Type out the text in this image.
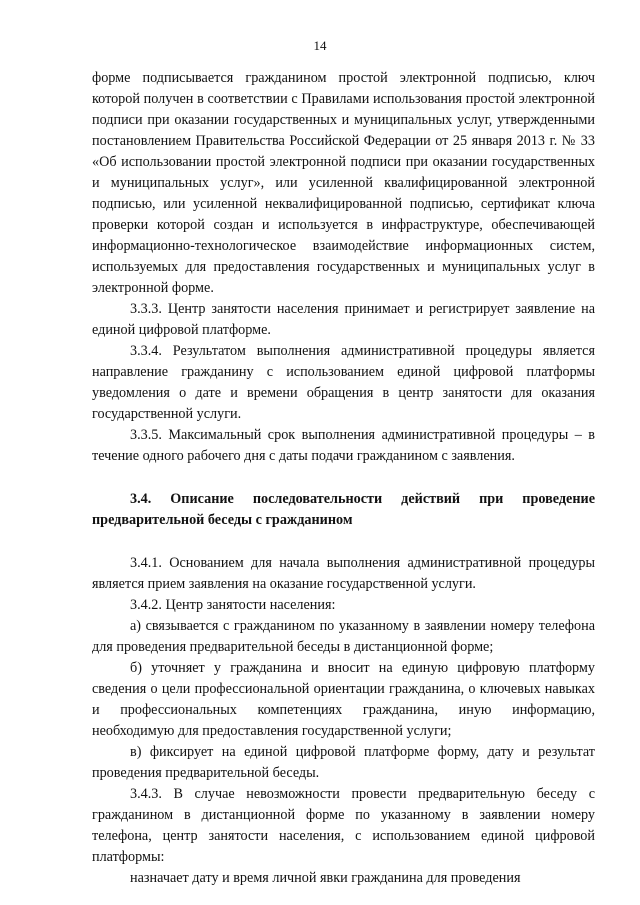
14

форме подписывается гражданином простой электронной подписью, ключ которой получен в соответствии с Правилами использования простой электронной подписи при оказании государственных и муниципальных услуг, утвержденными постановлением Правительства Российской Федерации от 25 января 2013 г. № 33 «Об использовании простой электронной подписи при оказании государственных и муниципальных услуг», или усиленной квалифицированной электронной подписью, или усиленной неквалифицированной подписью, сертификат ключа проверки которой создан и используется в инфраструктуре, обеспечивающей информационно-технологическое взаимодействие информационных систем, используемых для предоставления государственных и муниципальных услуг в электронной форме.

3.3.3. Центр занятости населения принимает и регистрирует заявление на единой цифровой платформе.

3.3.4. Результатом выполнения административной процедуры является направление гражданину с использованием единой цифровой платформы уведомления о дате и времени обращения в центр занятости для оказания государственной услуги.

3.3.5. Максимальный срок выполнения административной процедуры – в течение одного рабочего дня с даты подачи гражданином с заявления.

3.4. Описание последовательности действий при проведение предварительной беседы с гражданином

3.4.1. Основанием для начала выполнения административной процедуры является прием заявления на оказание государственной услуги.

3.4.2. Центр занятости населения:

а) связывается с гражданином по указанному в заявлении номеру телефона для проведения предварительной беседы в дистанционной форме;

б) уточняет у гражданина и вносит на единую цифровую платформу сведения о цели профессиональной ориентации гражданина, о ключевых навыках и профессиональных компетенциях гражданина, иную информацию, необходимую для предоставления государственной услуги;

в) фиксирует на единой цифровой платформе форму, дату и результат проведения предварительной беседы.

3.4.3. В случае невозможности провести предварительную беседу с гражданином в дистанционной форме по указанному в заявлении номеру телефона, центр занятости населения, с использованием единой цифровой платформы:

назначает дату и время личной явки гражданина для проведения
